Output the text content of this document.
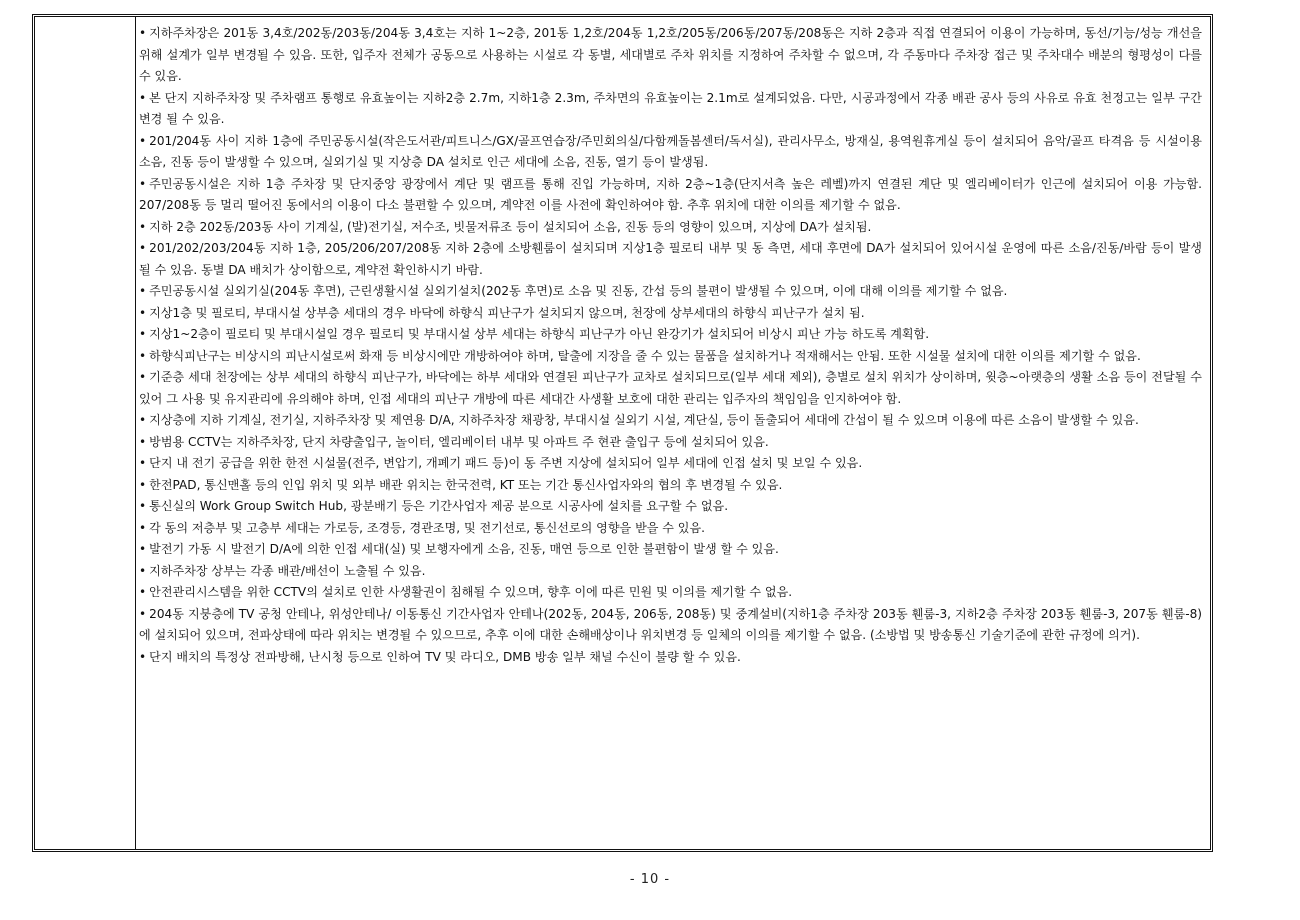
• 지하주차장은 201동 3,4호/202동/203동/204동 3,4호는 지하 1~2층, 201동 1,2호/204동 1,2호/205동/206동/207동/208동은 지하 2층과 직접 연결되어 이용이 가능하며, 동선/기능/성능 개선을 위해 설계가 일부 변경될 수 있음. 또한, 입주자 전체가 공동으로 사용하는 시설로 각 동별, 세대별로 주차 위치를 지정하여 주차할 수 없으며, 각 주동마다 주차장 접근 및 주차대수 배분의 형평성이 다를 수 있음.

• 본 단지 지하주차장 및 주차램프 통행로 유효높이는 지하2층 2.7m, 지하1층 2.3m, 주차면의 유효높이는 2.1m로 설계되었음. 다만, 시공과정에서 각종 배관 공사 등의 사유로 유효 천정고는 일부 구간 변경 될 수 있음.

• 201/204동 사이 지하 1층에 주민공동시설(작은도서관/피트니스/GX/골프연습장/주민회의실/다함께돌봄센터/독서실), 관리사무소, 방재실, 용역원휴게실 등이 설치되어 음악/골프 타격음 등 시설이용 소음, 진동 등이 발생할 수 있으며, 실외기실 및 지상층 DA 설치로 인근 세대에 소음, 진동, 열기 등이 발생됨.

• 주민공동시설은 지하 1층 주차장 및 단지중앙 광장에서 계단 및 램프를 통해 진입 가능하며, 지하 2층~1층(단지서측 높은 레벨)까지 연결된 계단 및 엘리베이터가 인근에 설치되어 이용 가능함. 207/208동 등 멀리 떨어진 동에서의 이용이 다소 불편할 수 있으며, 계약전 이를 사전에 확인하여야 함. 추후 위치에 대한 이의를 제기할 수 없음.

• 지하 2층 202동/203동 사이 기계실, (발)전기실, 저수조, 빗물저류조 등이 설치되어 소음, 진동 등의 영향이 있으며, 지상에 DA가 설치됨.

• 201/202/203/204동 지하 1층, 205/206/207/208동 지하 2층에 소방휀룸이 설치되며 지상1층 필로티 내부 및 동 측면, 세대 후면에 DA가 설치되어 있어시설 운영에 따른 소음/진동/바람 등이 발생될 수 있음. 동별 DA 배치가 상이함으로, 계약전 확인하시기 바람.

• 주민공동시설 실외기실(204동 후면), 근린생활시설 실외기설치(202동 후면)로 소음 및 진동, 간섭 등의 불편이 발생될 수 있으며, 이에 대해 이의를 제기할 수 없음.

• 지상1층 및 필로티, 부대시설 상부층 세대의 경우 바닥에 하향식 피난구가 설치되지 않으며, 천장에 상부세대의 하향식 피난구가 설치 됨.

• 지상1~2층이 필로티 및 부대시설일 경우 필로티 및 부대시설 상부 세대는 하향식 피난구가 아닌 완강기가 설치되어 비상시 피난 가능 하도록 계획함.

• 하향식피난구는 비상시의 피난시설로써 화재 등 비상시에만 개방하여야 하며, 탈출에 지장을 줄 수 있는 물품을 설치하거나 적재해서는 안됨. 또한 시설물 설치에 대한 이의를 제기할 수 없음.

• 기준층 세대 천장에는 상부 세대의 하향식 피난구가, 바닥에는 하부 세대와 연결된 피난구가 교차로 설치되므로(일부 세대 제외), 층별로 설치 위치가 상이하며, 윗층~아랫층의 생활 소음 등이 전달될 수 있어 그 사용 및 유지관리에 유의해야 하며, 인접 세대의 피난구 개방에 따른 세대간 사생활 보호에 대한 관리는 입주자의 책임임을 인지하여야 함.

• 지상층에 지하 기계실, 전기실, 지하주차장 및 제연용 D/A, 지하주차장 채광창, 부대시설 실외기 시설, 계단실, 등이 돌출되어 세대에 간섭이 될 수 있으며 이용에 따른 소음이 발생할 수 있음.

• 방범용 CCTV는 지하주차장, 단지 차량출입구, 놀이터, 엘리베이터 내부 및 아파트 주 현관 출입구 등에 설치되어 있음.

• 단지 내 전기 공급을 위한 한전 시설물(전주, 변압기, 개폐기 패드 등)이 동 주변 지상에 설치되어 일부 세대에 인접 설치 및 보일 수 있음.

• 한전PAD, 통신맨홀 등의 인입 위치 및 외부 배관 위치는 한국전력, KT 또는 기간 통신사업자와의 협의 후 변경될 수 있음.

• 통신실의 Work Group Switch Hub, 광분배기 등은 기간사업자 제공 분으로 시공사에 설치를 요구할 수 없음.

• 각 동의 저층부 및 고층부 세대는 가로등, 조경등, 경관조명, 및 전기선로, 통신선로의 영향을 받을 수 있음.

• 발전기 가동 시 발전기 D/A에 의한 인접 세대(실) 및 보행자에게 소음, 진동, 매연 등으로 인한 불편함이 발생 할 수 있음.

• 지하주차장 상부는 각종 배관/배선이 노출될 수 있음.

• 안전관리시스템을 위한 CCTV의 설치로 인한 사생활권이 침해될 수 있으며, 향후 이에 따른 민원 및 이의를 제기할 수 없음.

• 204동 지붕층에 TV 공청 안테나, 위성안테나/ 이동통신 기간사업자 안테나(202동, 204동, 206동, 208동) 및 중계설비(지하1층 주차장 203동 휀룸-3, 지하2층 주차장 203동 휀룸-3, 207동 휀룸-8)에 설치되어 있으며, 전파상태에 따라 위치는 변경될 수 있으므로, 추후 이에 대한 손해배상이나 위치변경 등 일체의 이의를 제기할 수 없음. (소방법 및 방송통신 기술기준에 관한 규정에 의거).

• 단지 배치의 특정상 전파방해, 난시청 등으로 인하여 TV 및 라디오, DMB 방송 일부 채널 수신이 불량 할 수 있음.

- 10 -
